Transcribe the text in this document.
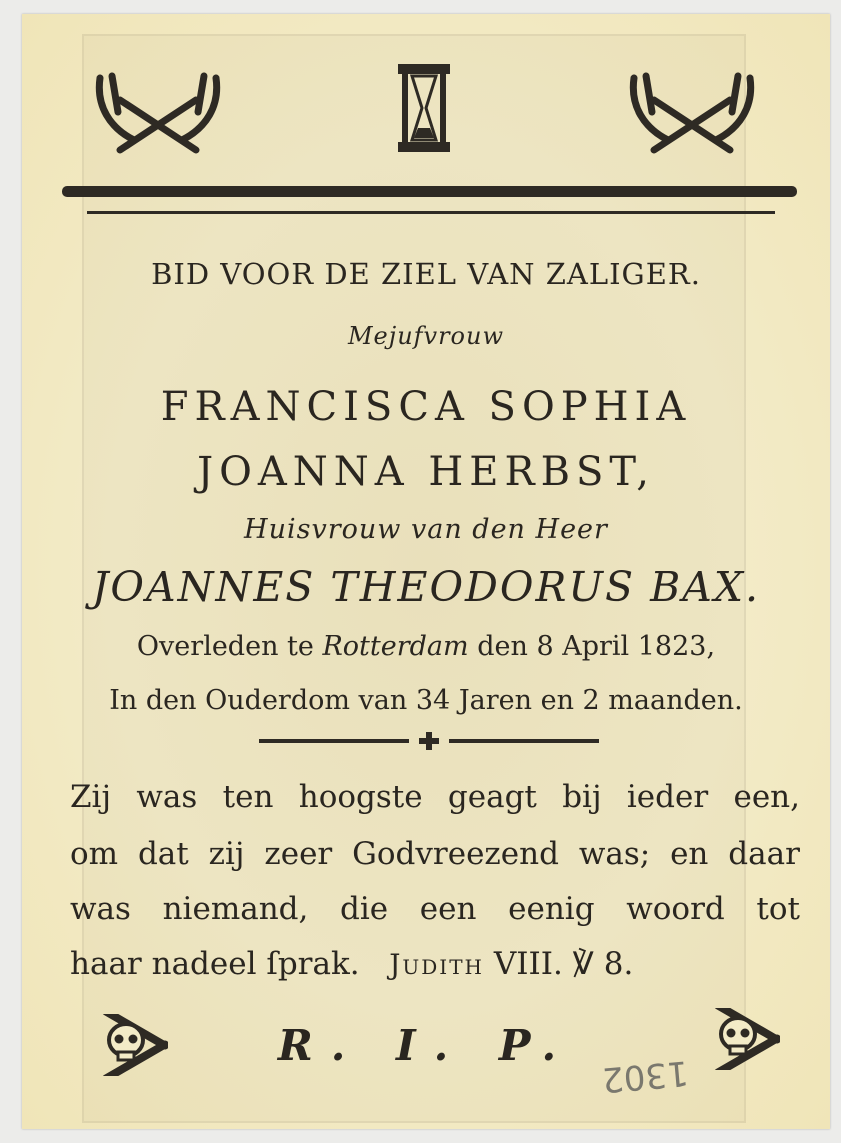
BID VOOR DE ZIEL VAN ZALIGER.
Mejufvrouw
FRANCISCA SOPHIA
JOANNA HERBST,
Huisvrouw van den Heer
JOANNES THEODORUS BAX.
Overleden te Rotterdam den 8 April 1823,
In den Ouderdom van 34 Jaren en 2 maanden.
Zij was ten hoogste geagt bij ieder een,
om dat zij zeer Godvreezend was; en daar
was niemand, die een eenig woord tot
haar nadeel ſprak. Judith VIII. ℣ 8.
R. I. P.
1302
